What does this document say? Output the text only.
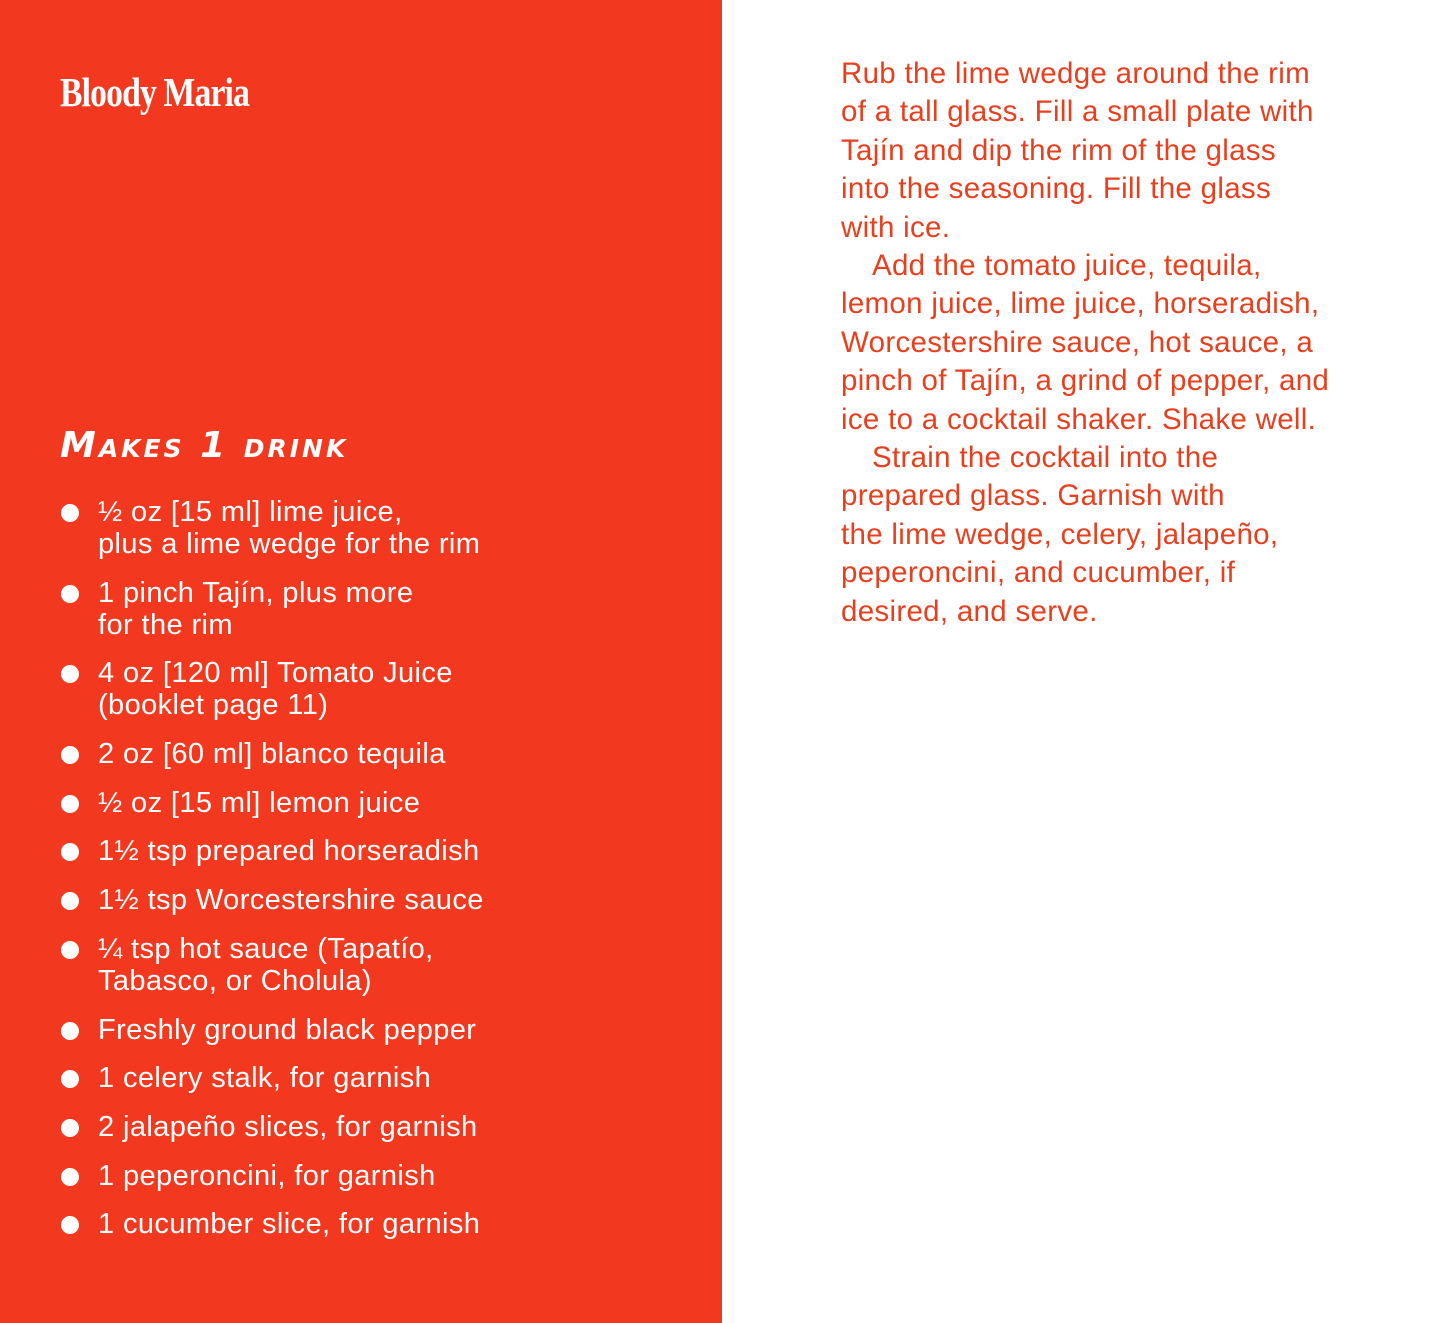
Bloody Maria
Makes 1 drink
½ oz [15 ml] lime juice,
plus a lime wedge for the rim
1 pinch Tajín, plus more
for the rim
4 oz [120 ml] Tomato Juice
(booklet page 11)
2 oz [60 ml] blanco tequila
½ oz [15 ml] lemon juice
1½ tsp prepared horseradish
1½ tsp Worcestershire sauce
¼ tsp hot sauce (Tapatío,
Tabasco, or Cholula)
Freshly ground black pepper
1 celery stalk, for garnish
2 jalapeño slices, for garnish
1 peperoncini, for garnish
1 cucumber slice, for garnish

Rub the lime wedge around the rim
of a tall glass. Fill a small plate with
Tajín and dip the rim of the glass
into the seasoning. Fill the glass
with ice.

Add the tomato juice, tequila,
lemon juice, lime juice, horseradish,
Worcestershire sauce, hot sauce, a
pinch of Tajín, a grind of pepper, and
ice to a cocktail shaker. Shake well.

Strain the cocktail into the
prepared glass. Garnish with
the lime wedge, celery, jalapeño,
peperoncini, and cucumber, if
desired, and serve.
